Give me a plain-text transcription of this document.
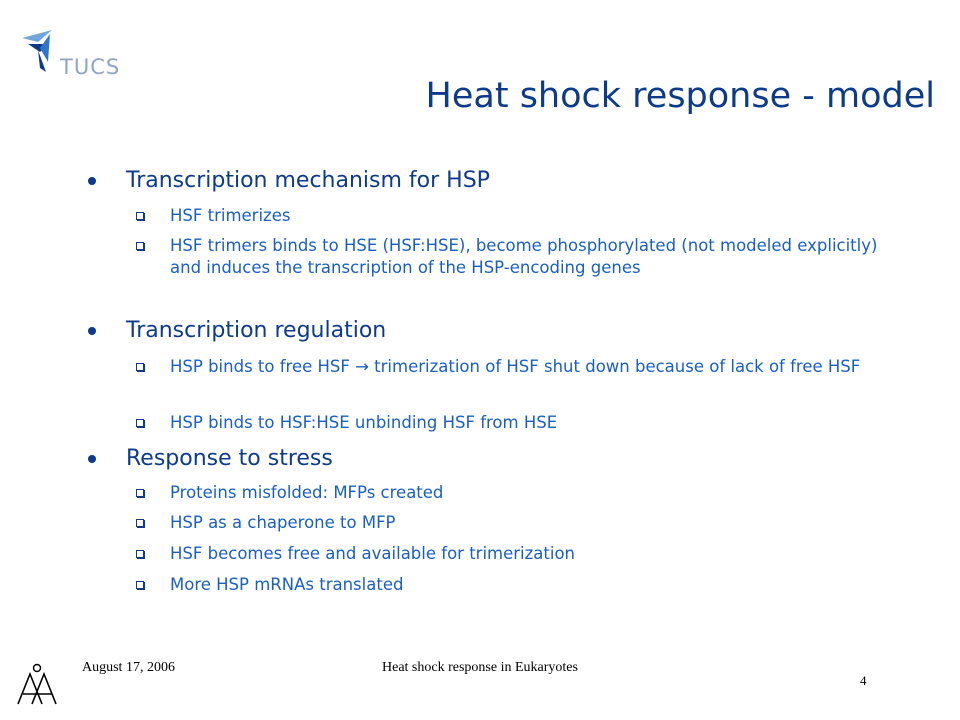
TUCS
Heat shock response - model
Transcription mechanism for HSP
HSF trimerizes
HSF trimers binds to HSE (HSF:HSE), become phosphorylated (not modeled explicitly) and induces the transcription of the HSP-encoding genes
Transcription regulation
HSP binds to free HSF → trimerization of HSF shut down because of lack of free HSF
HSP binds to HSF:HSE unbinding HSF from HSE
Response to stress
Proteins misfolded: MFPs created
HSP as a chaperone to MFP
HSF becomes free and available for trimerization
More HSP mRNAs translated
August 17, 2006	Heat shock response in Eukaryotes
4
